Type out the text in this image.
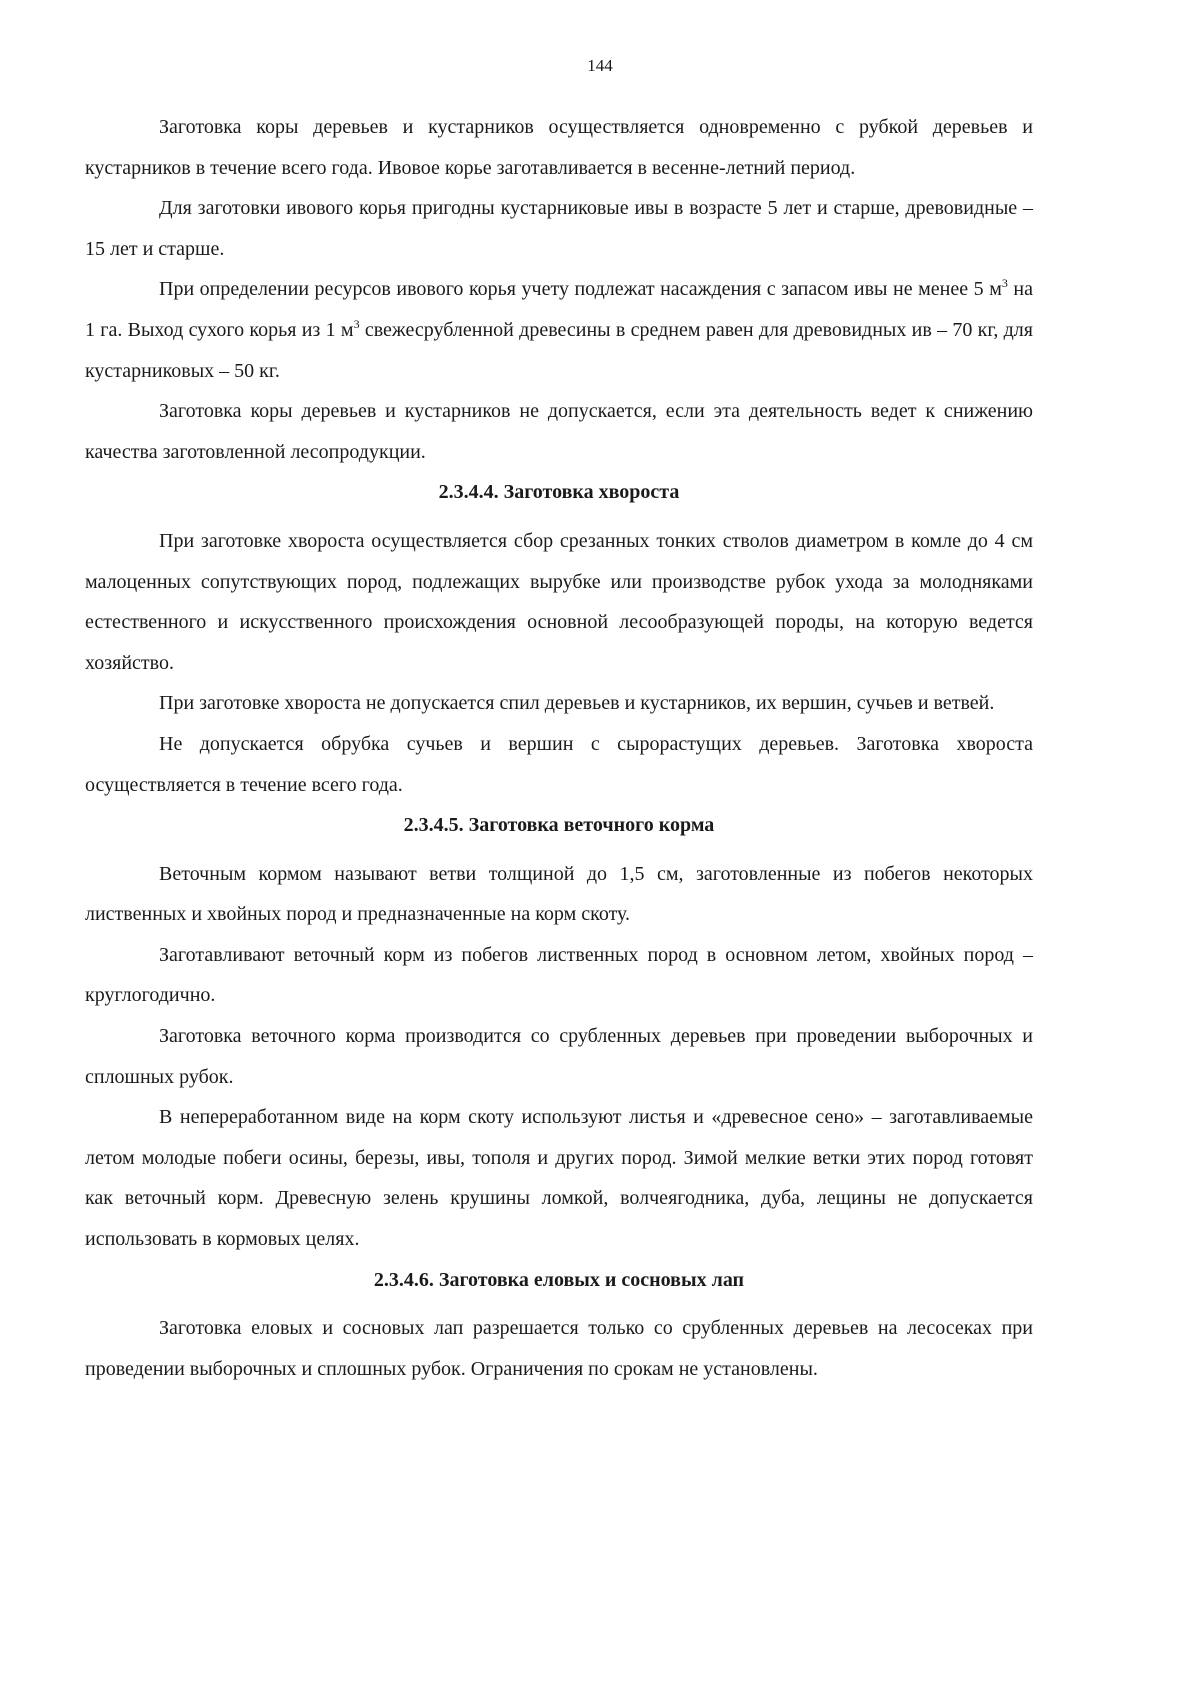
144

Заготовка коры деревьев и кустарников осуществляется одновременно с рубкой деревьев и кустарников в течение всего года. Ивовое корье заготавливается в весенне-летний период.

Для заготовки ивового корья пригодны кустарниковые ивы в возрасте 5 лет и старше, древовидные – 15 лет и старше.

При определении ресурсов ивового корья учету подлежат насаждения с запасом ивы не менее 5 $м^3$ на 1 га. Выход сухого корья из 1 $м^3$ свежесрубленной древесины в среднем равен для древовидных ив – 70 кг, для кустарниковых – 50 кг.

Заготовка коры деревьев и кустарников не допускается, если эта деятельность ведет к снижению качества заготовленной лесопродукции.

2.3.4.4. Заготовка хвороста

При заготовке хвороста осуществляется сбор срезанных тонких стволов диаметром в комле до 4 см малоценных сопутствующих пород, подлежащих вырубке или производстве рубок ухода за молодняками естественного и искусственного происхождения основной лесообразующей породы, на которую ведется хозяйство.

При заготовке хвороста не допускается спил деревьев и кустарников, их вершин, сучьев и ветвей.

Не допускается обрубка сучьев и вершин с сырорастущих деревьев. Заготовка хвороста осуществляется в течение всего года.

2.3.4.5. Заготовка веточного корма

Веточным кормом называют ветви толщиной до 1,5 см, заготовленные из побегов некоторых лиственных и хвойных пород и предназначенные на корм скоту.

Заготавливают веточный корм из побегов лиственных пород в основном летом, хвойных пород – круглогодично.

Заготовка веточного корма производится со срубленных деревьев при проведении выборочных и сплошных рубок.

В непереработанном виде на корм скоту используют листья и «древесное сено» – заготавливаемые летом молодые побеги осины, березы, ивы, тополя и других пород. Зимой мелкие ветки этих пород готовят как веточный корм. Древесную зелень крушины ломкой, волчеягодника, дуба, лещины не допускается использовать в кормовых целях.

2.3.4.6. Заготовка еловых и сосновых лап

Заготовка еловых и сосновых лап разрешается только со срубленных деревьев на лесосеках при проведении выборочных и сплошных рубок. Ограничения по срокам не установлены.
